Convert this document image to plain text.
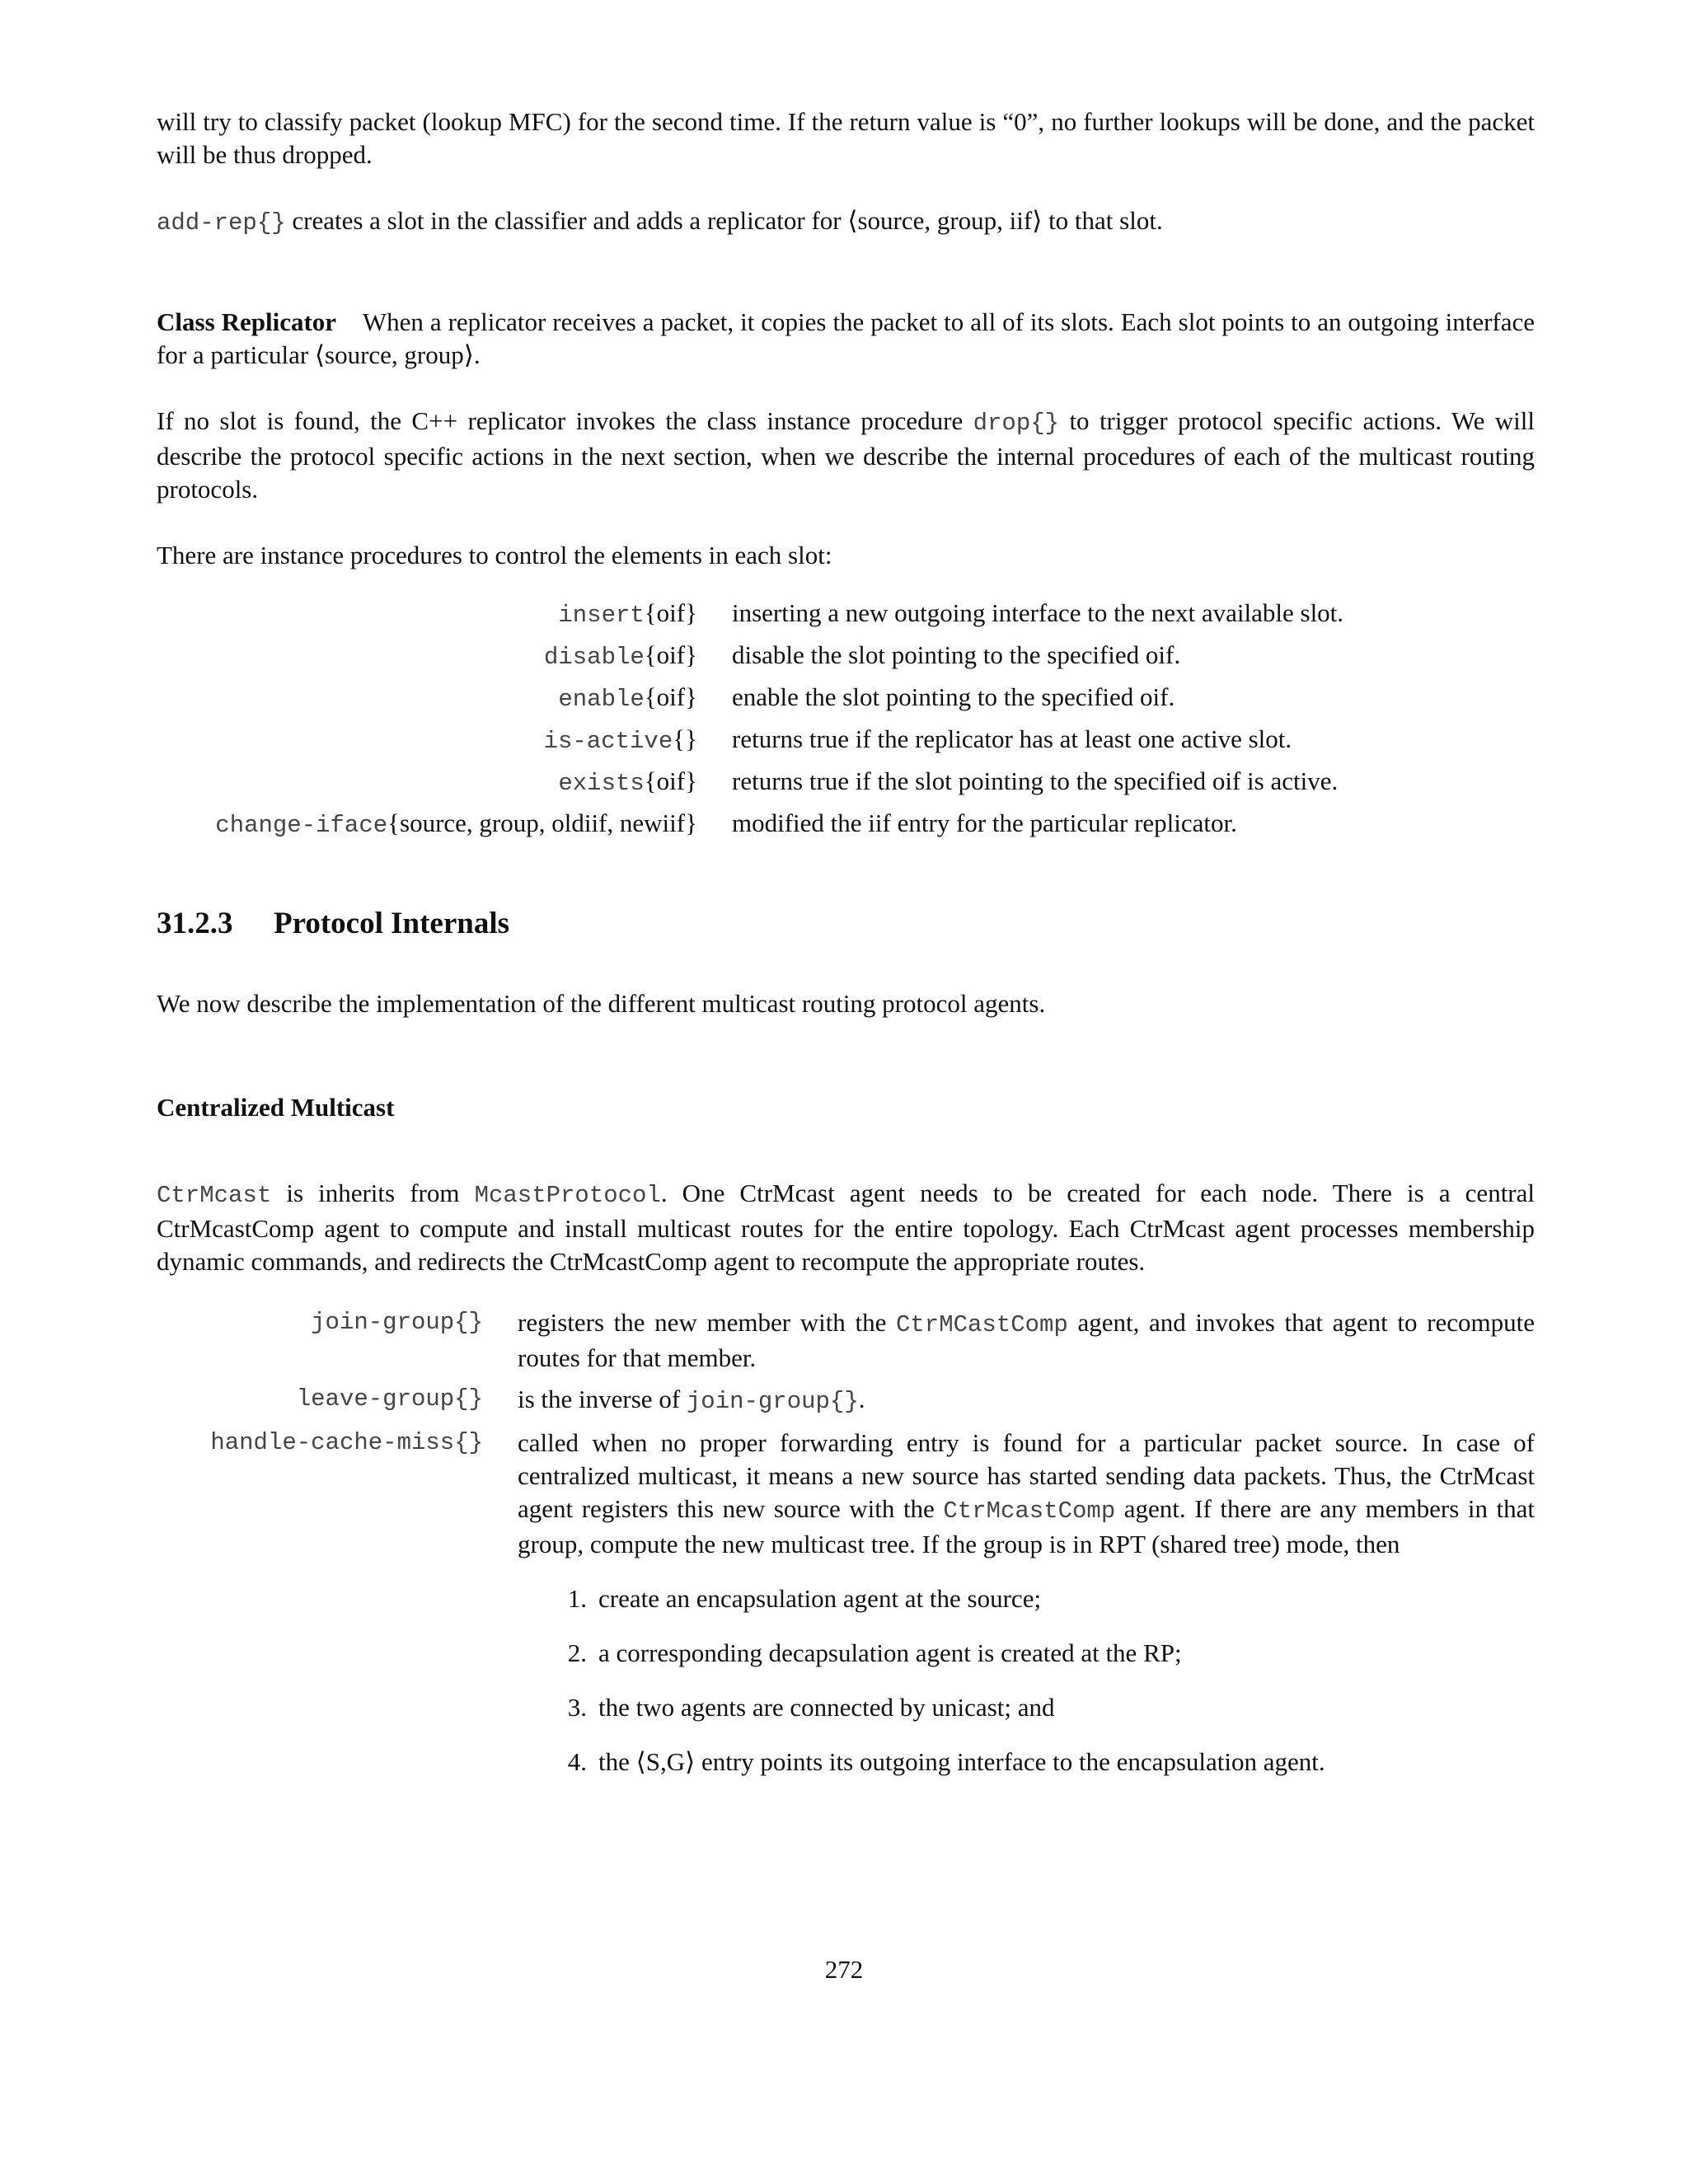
will try to classify packet (lookup MFC) for the second time. If the return value is “0”, no further lookups will be done, and the packet will be thus dropped.

add-rep{} creates a slot in the classifier and adds a replicator for ⟨source, group, iif⟩ to that slot.

Class Replicator When a replicator receives a packet, it copies the packet to all of its slots. Each slot points to an outgoing interface for a particular ⟨source, group⟩.

If no slot is found, the C++ replicator invokes the class instance procedure drop{} to trigger protocol specific actions. We will describe the protocol specific actions in the next section, when we describe the internal procedures of each of the multicast routing protocols.

There are instance procedures to control the elements in each slot:

insert{oif}	inserting a new outgoing interface to the next available slot.
disable{oif}	disable the slot pointing to the specified oif.
enable{oif}	enable the slot pointing to the specified oif.
is-active{}	returns true if the replicator has at least one active slot.
exists{oif}	returns true if the slot pointing to the specified oif is active.
change-iface{source, group, oldiif, newiif}	modified the iif entry for the particular replicator.
31.2.3 Protocol Internals

We now describe the implementation of the different multicast routing protocol agents.

Centralized Multicast

CtrMcast is inherits from McastProtocol. One CtrMcast agent needs to be created for each node. There is a central CtrMcastComp agent to compute and install multicast routes for the entire topology. Each CtrMcast agent processes membership dynamic commands, and redirects the CtrMcastComp agent to recompute the appropriate routes.

join-group{} registers the new member with the CtrMCastComp agent, and invokes that agent to recompute routes for that member.
leave-group{} is the inverse of join-group{}.
handle-cache-miss{} called when no proper forwarding entry is found for a particular packet source. In case of centralized multicast, it means a new source has started sending data packets. Thus, the CtrMcast agent registers this new source with the CtrMcastComp agent. If there are any members in that group, compute the new multicast tree. If the group is in RPT (shared tree) mode, then
1. create an encapsulation agent at the source;
2. a corresponding decapsulation agent is created at the RP;
3. the two agents are connected by unicast; and
4. the ⟨S,G⟩ entry points its outgoing interface to the encapsulation agent.
272
